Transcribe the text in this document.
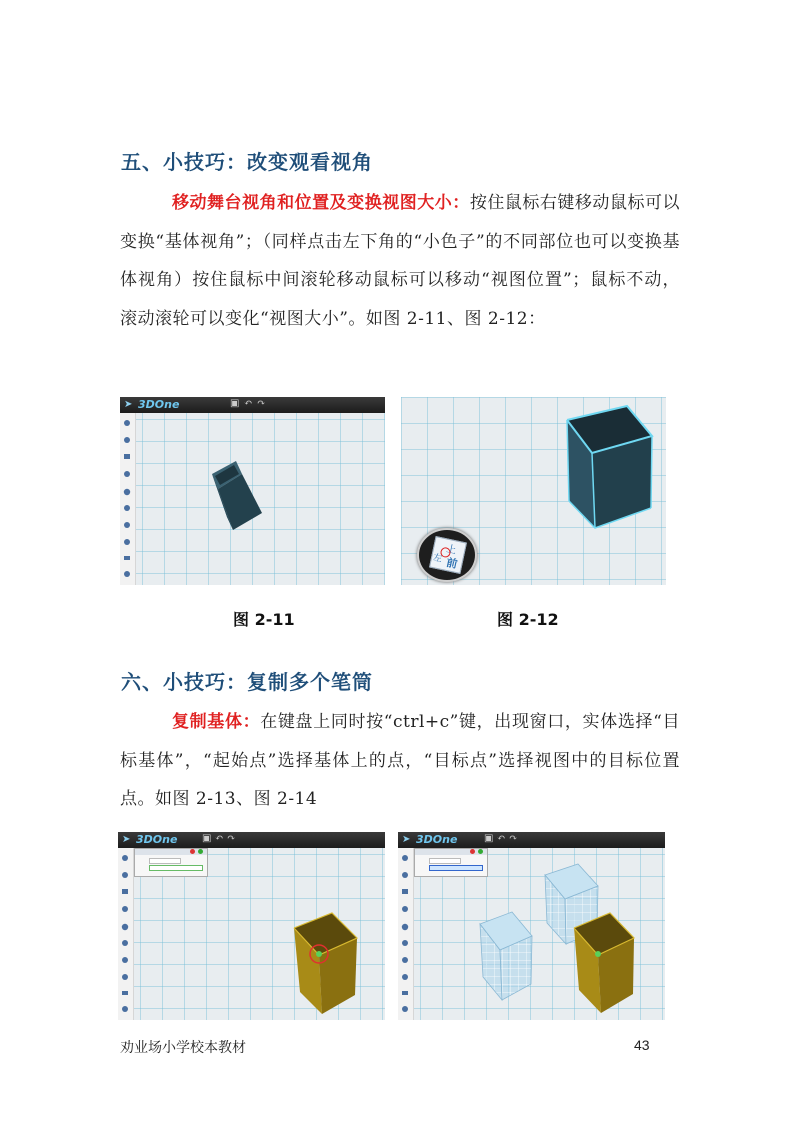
五、小技巧：改变观看视角
移动舞台视角和位置及变换视图大小：按住鼠标右键移动鼠标可以变换“基体视角”；（同样点击左下角的“小色子”的不同部位也可以变换基体视角）按住鼠标中间滚轮移动鼠标可以移动“视图位置”；鼠标不动，滚动滚轮可以变化“视图大小”。如图 2-11、图 2-12：
➤ 3DOne	▣ ↶ ↷
上
前
左
图 2-11	图 2-12
六、小技巧：复制多个笔筒
复制基体：在键盘上同时按“ctrl+c”键，出现窗口，实体选择“目标基体”，“起始点”选择基体上的点，“目标点”选择视图中的目标位置点。如图 2-13、图 2-14
➤ 3DOne ▣ ↶ ↷	➤ 3DOne	▣ ↶ ↷
劝业场小学校本教材	43
